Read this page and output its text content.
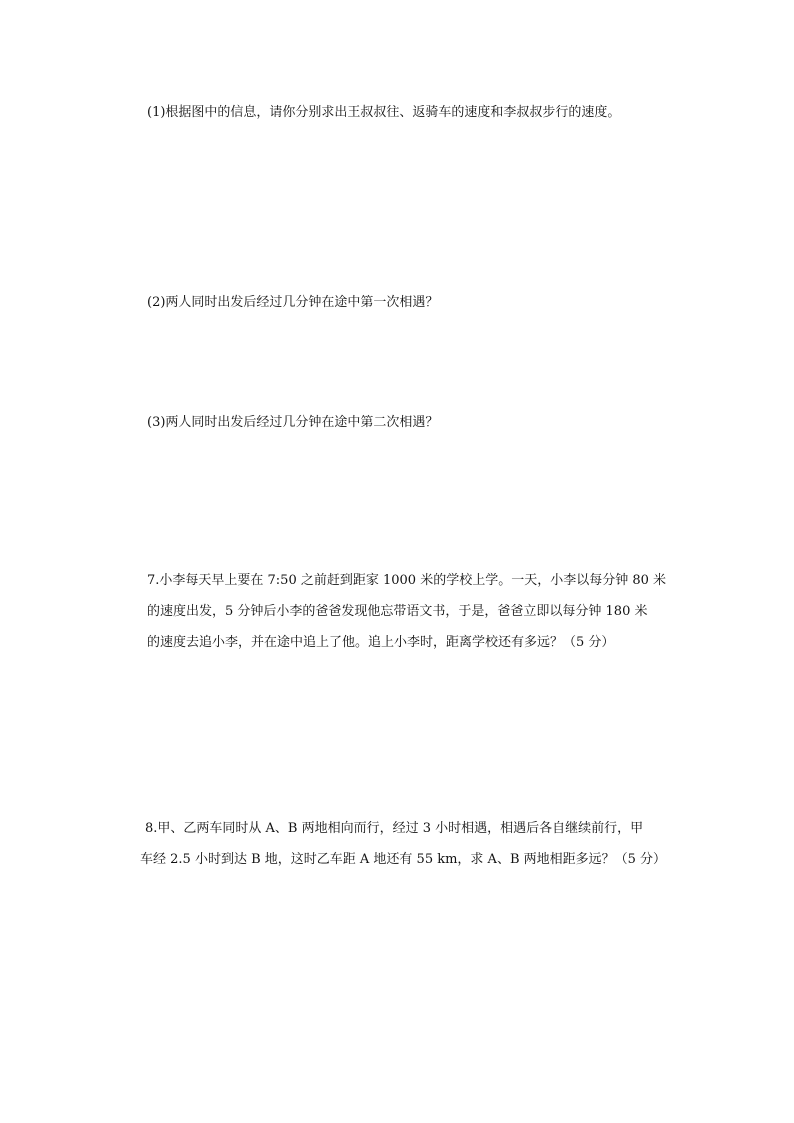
(1)根据图中的信息，请你分别求出王叔叔往、返骑车的速度和李叔叔步行的速度。
(2)两人同时出发后经过几分钟在途中第一次相遇？
(3)两人同时出发后经过几分钟在途中第二次相遇？
7.小李每天早上要在 7:50 之前赶到距家 1000 米的学校上学。一天，小李以每分钟 80 米
的速度出发，5 分钟后小李的爸爸发现他忘带语文书，于是，爸爸立即以每分钟 180 米
的速度去追小李，并在途中追上了他。追上小李时，距离学校还有多远？（5 分）
8.甲、乙两车同时从 A、B 两地相向而行，经过 3 小时相遇，相遇后各自继续前行，甲
车经 2.5 小时到达 B 地，这时乙车距 A 地还有 55 km，求 A、B 两地相距多远？（5 分）
